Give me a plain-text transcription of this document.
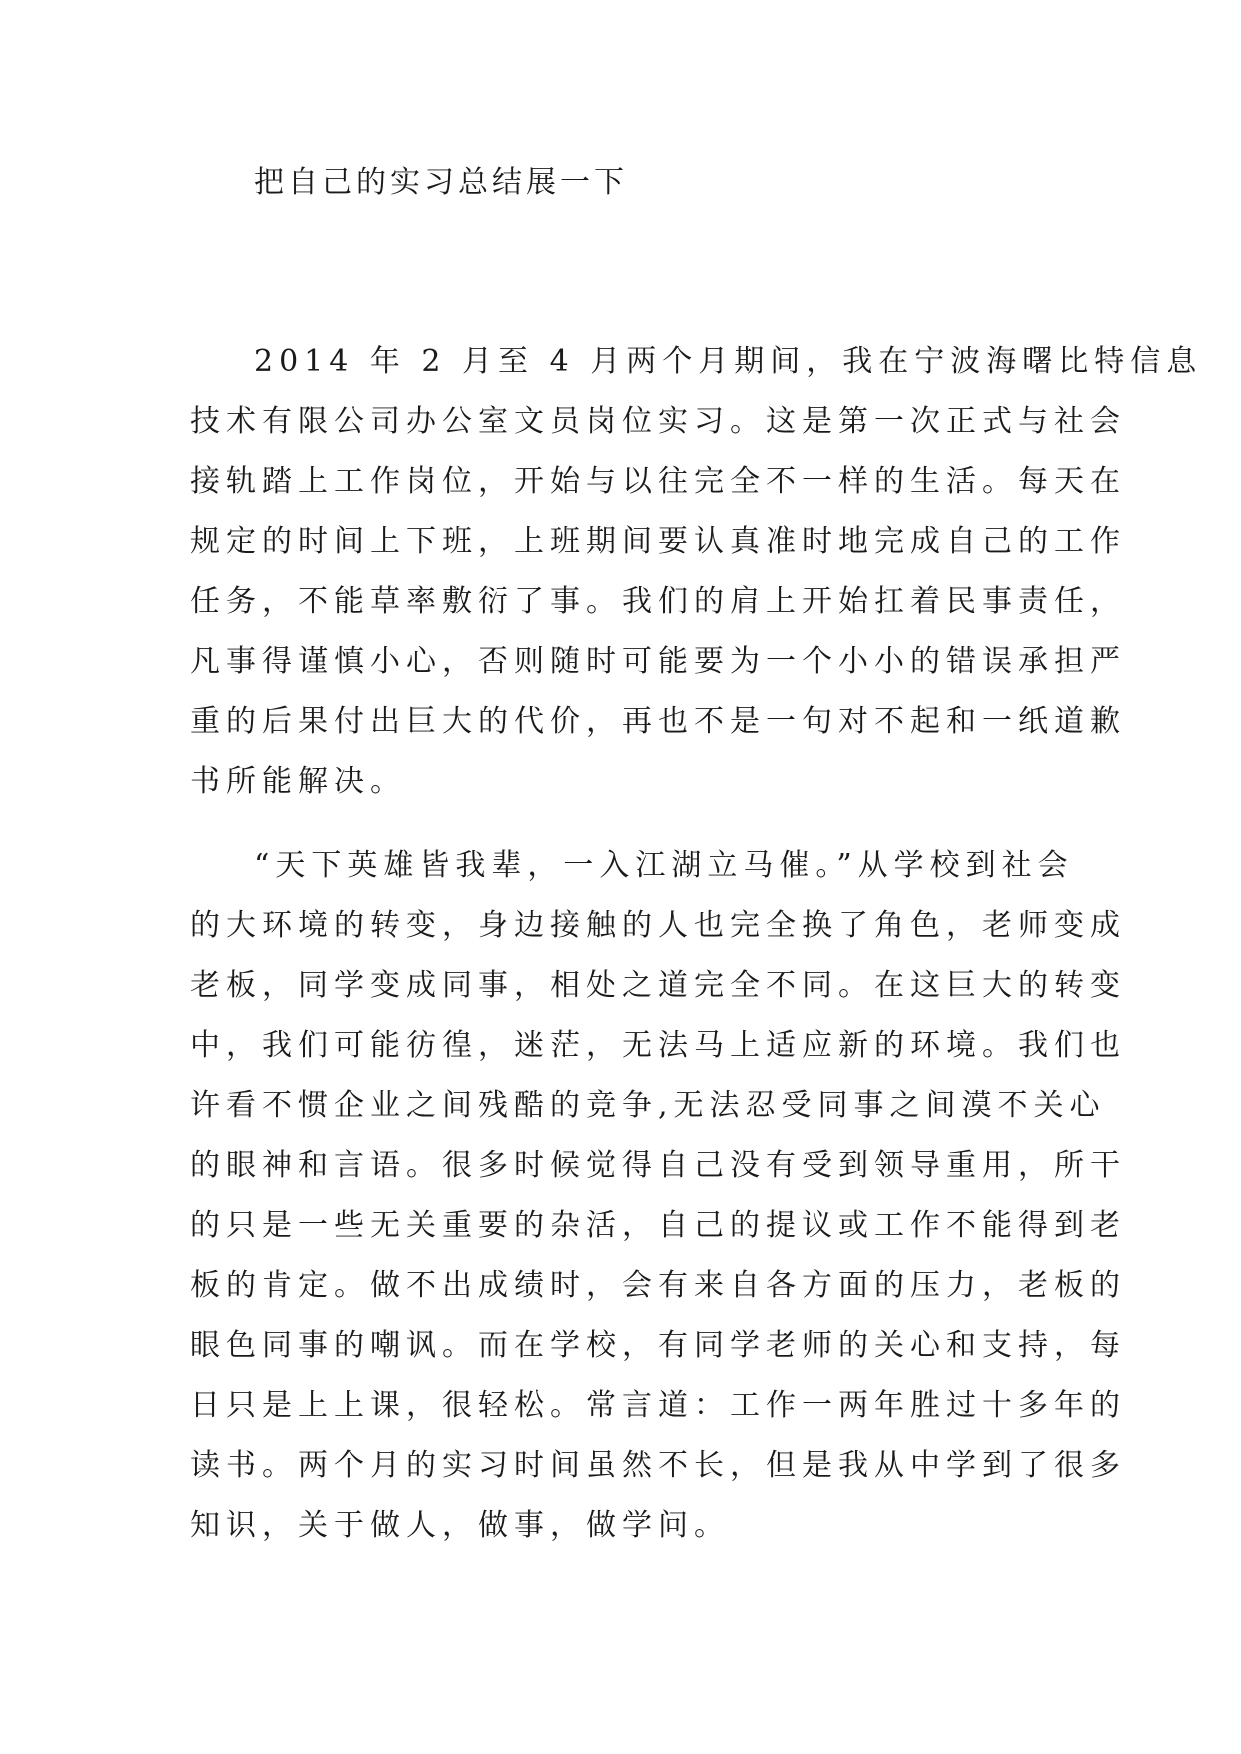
把自己的实习总结展一下
2014 年 2 月至 4 月两个月期间，我在宁波海曙比特信息
技术有限公司办公室文员岗位实习。这是第一次正式与社会
接轨踏上工作岗位，开始与以往完全不一样的生活。每天在
规定的时间上下班，上班期间要认真准时地完成自己的工作
任务，不能草率敷衍了事。我们的肩上开始扛着民事责任，
凡事得谨慎小心，否则随时可能要为一个小小的错误承担严
重的后果付出巨大的代价，再也不是一句对不起和一纸道歉
书所能解决。
“天下英雄皆我辈，一入江湖立马催。”从学校到社会
的大环境的转变，身边接触的人也完全换了角色，老师变成
老板，同学变成同事，相处之道完全不同。在这巨大的转变
中，我们可能彷徨，迷茫，无法马上适应新的环境。我们也
许看不惯企业之间残酷的竞争,无法忍受同事之间漠不关心
的眼神和言语。很多时候觉得自己没有受到领导重用，所干
的只是一些无关重要的杂活，自己的提议或工作不能得到老
板的肯定。做不出成绩时，会有来自各方面的压力，老板的
眼色同事的嘲讽。而在学校，有同学老师的关心和支持，每
日只是上上课，很轻松。常言道：工作一两年胜过十多年的
读书。两个月的实习时间虽然不长，但是我从中学到了很多
知识，关于做人，做事，做学问。
